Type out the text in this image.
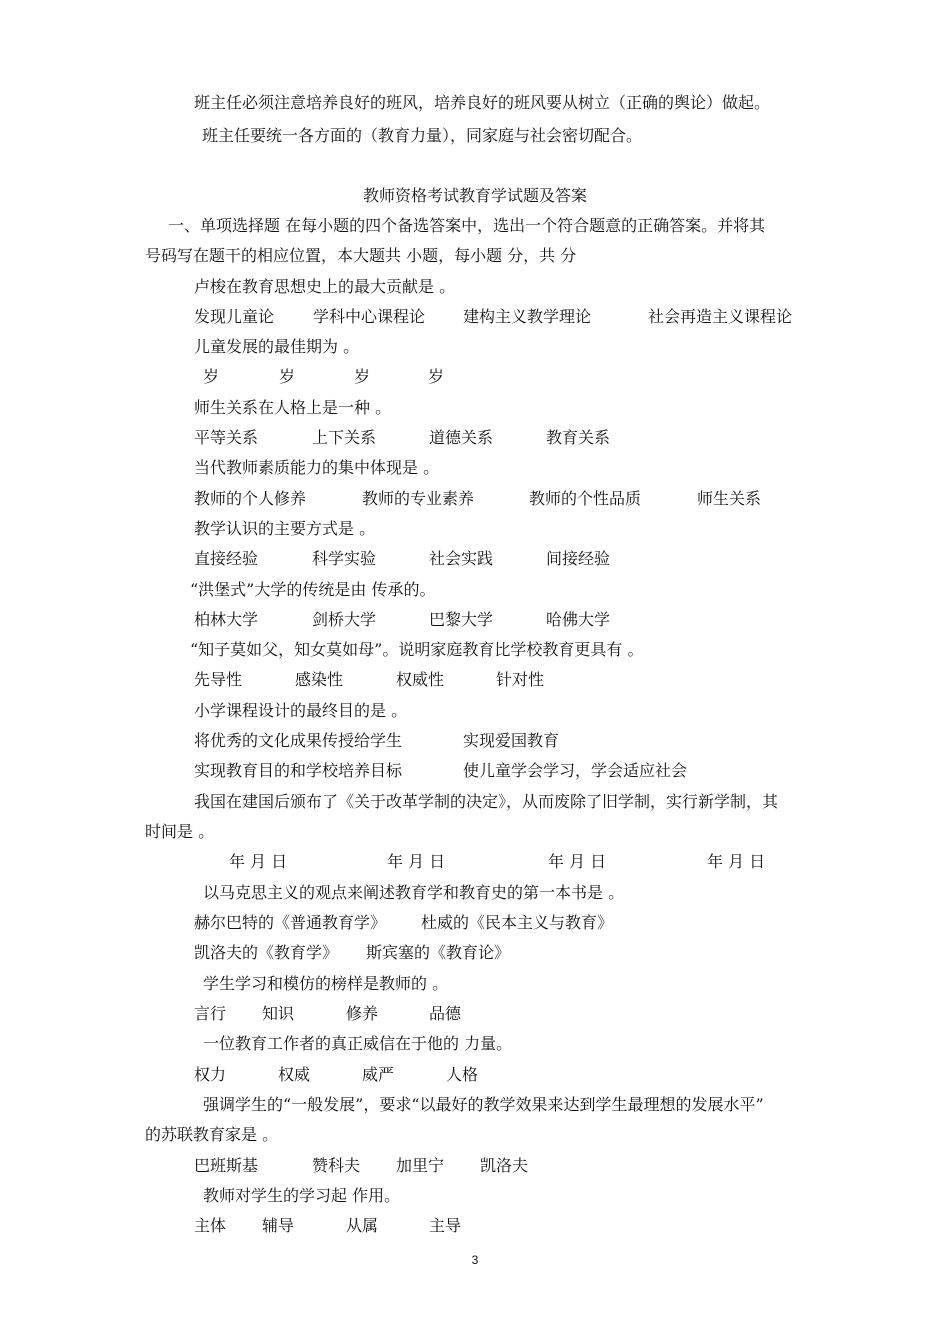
班主任必须注意培养良好的班风，培养良好的班风要从树立（正确的舆论）做起。
班主任要统一各方面的（教育力量），同家庭与社会密切配合。
教师资格考试教育学试题及答案
一、单项选择题 在每小题的四个备选答案中，选出一个符合题意的正确答案。并将其
号码写在题干的相应位置，本大题共 小题，每小题 分，共 分
卢梭在教育思想史上的最大贡献是 。
发现儿童论 学科中心课程论 建构主义教学理论	社会再造主义课程论
儿童发展的最佳期为 。
岁	岁	岁	岁
师生关系在人格上是一种 。
平等关系	上下关系	道德关系	教育关系
当代教师素质能力的集中体现是 。
教师的个人修养	教师的专业素养	教师的个性品质	师生关系
教学认识的主要方式是 。
直接经验	科学实验	社会实践	间接经验
“洪堡式”大学的传统是由 传承的。
柏林大学	剑桥大学	巴黎大学	哈佛大学
“知子莫如父，知女莫如母”。说明家庭教育比学校教育更具有 。
先导性	感染性	权威性	针对性
小学课程设计的最终目的是 。
将优秀的文化成果传授给学生	实现爱国教育
实现教育目的和学校培养目标	使儿童学会学习，学会适应社会
我国在建国后颁布了《关于改革学制的决定》，从而废除了旧学制，实行新学制，其
时间是 。
年 月 日	年 月 日	年 月 日	年 月 日
以马克思主义的观点来阐述教育学和教育史的第一本书是 。
赫尔巴特的《普通教育学》 杜威的《民本主义与教育》
凯洛夫的《教育学》 斯宾塞的《教育论》
学生学习和模仿的榜样是教师的 。
言行 知识	修养	品德
一位教育工作者的真正威信在于他的 力量。
权力	权威	威严	人格
强调学生的“一般发展”，要求“以最好的教学效果来达到学生最理想的发展水平”
的苏联教育家是 。
巴班斯基	赞科夫 加里宁 凯洛夫
教师对学生的学习起 作用。
主体 辅导	从属	主导
3
